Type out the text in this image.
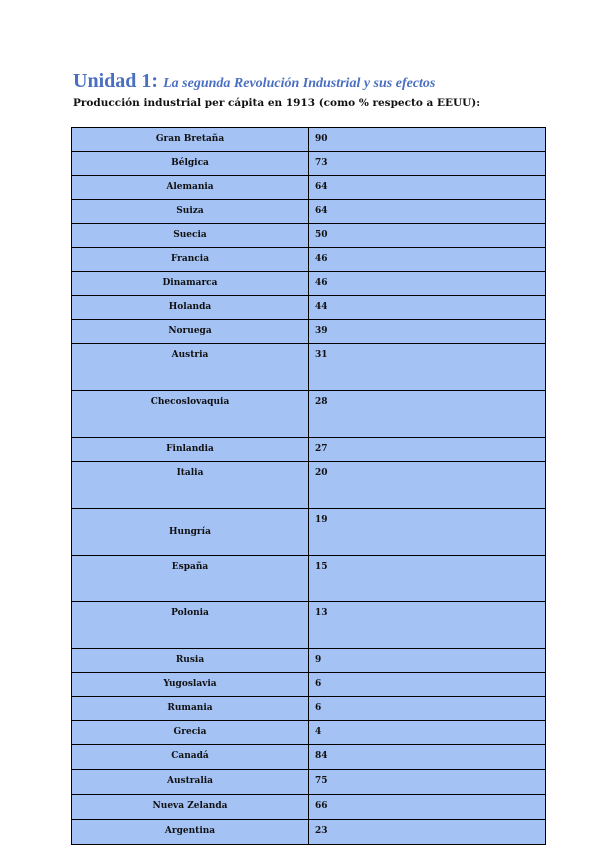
Unidad 1: La segunda Revolución Industrial y sus efectos
Producción industrial per cápita en 1913 (como % respecto a EEUU):
Gran Bretaña	90
Bélgica	73
Alemania	64
Suiza	64
Suecia	50
Francia	46
Dinamarca	46
Holanda	44
Noruega	39
Austria	31
Checoslovaquia	28
Finlandia	27
Italia	20
Hungría	19
España	15
Polonia	13
Rusia	9
Yugoslavia	6
Rumania	6
Grecia	4
Canadá	84
Australia	75
Nueva Zelanda	66
Argentina	23
